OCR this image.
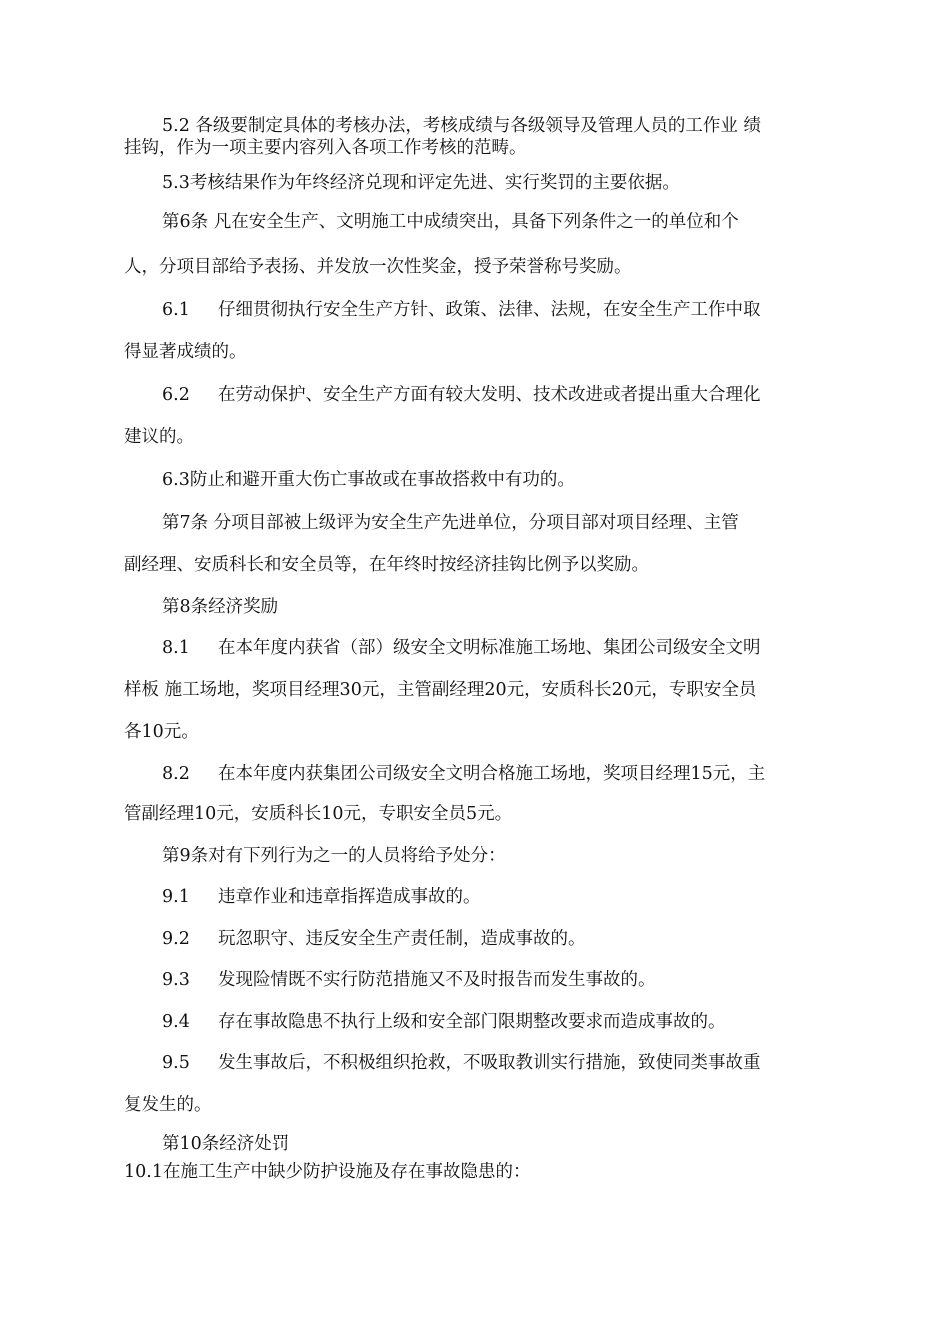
5.2 各级要制定具体的考核办法，考核成绩与各级领导及管理人员的工作业 绩
挂钩，作为一项主要内容列入各项工作考核的范畴。
5.3考核结果作为年终经济兑现和评定先进、实行奖罚的主要依据。
第6条 凡在安全生产、文明施工中成绩突出，具备下列条件之一的单位和个
人，分项目部给予表扬、并发放一次性奖金，授予荣誉称号奖励。
6.1 仔细贯彻执行安全生产方针、政策、法律、法规，在安全生产工作中取
得显著成绩的。
6.2 在劳动保护、安全生产方面有较大发明、技术改进或者提出重大合理化
建议的。
6.3防止和避开重大伤亡事故或在事故搭救中有功的。
第7条 分项目部被上级评为安全生产先进单位，分项目部对项目经理、主管
副经理、安质科长和安全员等，在年终时按经济挂钩比例予以奖励。
第8条经济奖励
8.1 在本年度内获省（部）级安全文明标准施工场地、集团公司级安全文明
样板 施工场地，奖项目经理30元，主管副经理20元，安质科长20元，专职安全员
各10元。
8.2 在本年度内获集团公司级安全文明合格施工场地，奖项目经理15元，主
管副经理10元，安质科长10元，专职安全员5元。
第9条对有下列行为之一的人员将给予处分：
9.1 违章作业和违章指挥造成事故的。
9.2 玩忽职守、违反安全生产责任制，造成事故的。
9.3 发现险情既不实行防范措施又不及时报告而发生事故的。
9.4 存在事故隐患不执行上级和安全部门限期整改要求而造成事故的。
9.5 发生事故后，不积极组织抢救，不吸取教训实行措施，致使同类事故重
复发生的。
第10条经济处罚
10.1在施工生产中缺少防护设施及存在事故隐患的：
